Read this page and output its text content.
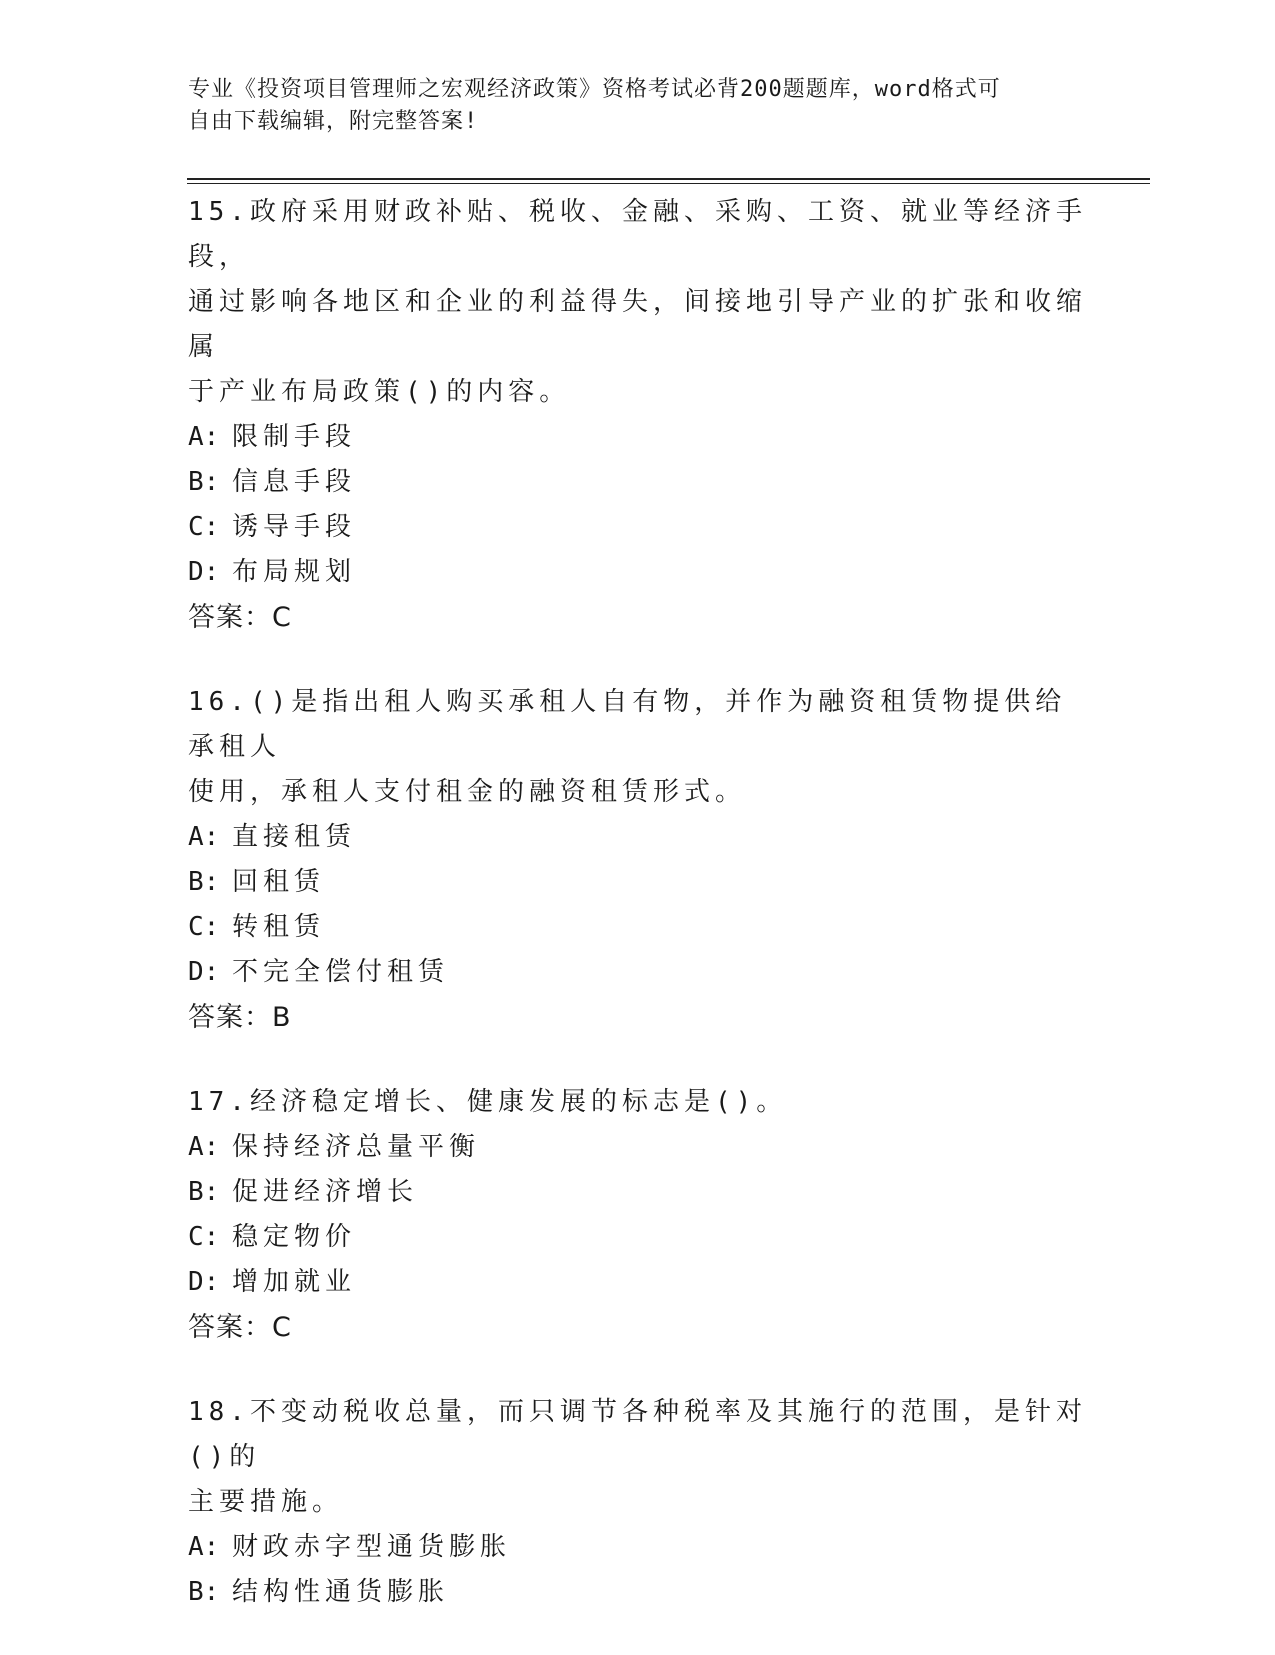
专业《投资项目管理师之宏观经济政策》资格考试必背200题题库，word格式可
自由下载编辑，附完整答案!
15.政府采用财政补贴、税收、金融、采购、工资、就业等经济手段，
通过影响各地区和企业的利益得失，间接地引导产业的扩张和收缩属
于产业布局政策()的内容。
A: 限制手段
B: 信息手段
C: 诱导手段
D: 布局规划
答案：C
16.()是指出租人购买承租人自有物，并作为融资租赁物提供给承租人
使用，承租人支付租金的融资租赁形式。
A: 直接租赁
B: 回租赁
C: 转租赁
D: 不完全偿付租赁
答案：B
17.经济稳定增长、健康发展的标志是()。
A: 保持经济总量平衡
B: 促进经济增长
C: 稳定物价
D: 增加就业
答案：C
18.不变动税收总量，而只调节各种税率及其施行的范围，是针对()的
主要措施。
A: 财政赤字型通货膨胀
B: 结构性通货膨胀
